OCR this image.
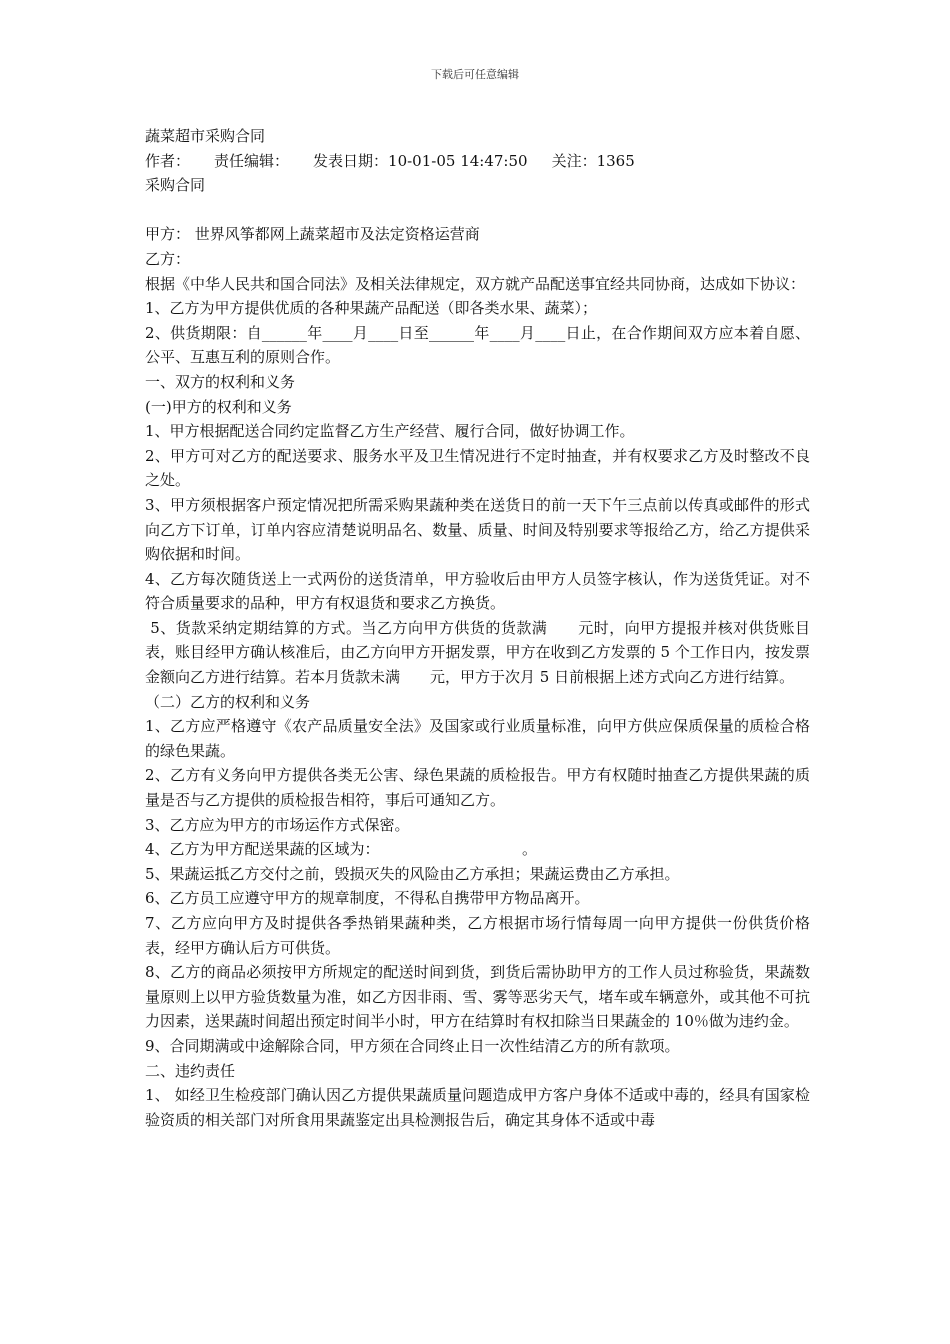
下载后可任意编辑

蔬菜超市采购合同

作者： 责任编辑： 发表日期：10-01-05 14:47:50 关注：1365

采购合同

甲方： 世界风筝都网上蔬菜超市及法定资格运营商

乙方：

根据《中华人民共和国合同法》及相关法律规定，双方就产品配送事宜经共同协商，达成如下协议：

1、乙方为甲方提供优质的各种果蔬产品配送（即各类水果、蔬菜）；

2、供货期限：自______年____月____日至______年____月____日止，在合作期间双方应本着自愿、公平、互惠互利的原则合作。

一、双方的权利和义务

(一)甲方的权利和义务

1、甲方根据配送合同约定监督乙方生产经营、履行合同，做好协调工作。

2、甲方可对乙方的配送要求、服务水平及卫生情况进行不定时抽查，并有权要求乙方及时整改不良之处。

3、甲方须根据客户预定情况把所需采购果蔬种类在送货日的前一天下午三点前以传真或邮件的形式向乙方下订单，订单内容应清楚说明品名、数量、质量、时间及特别要求等报给乙方，给乙方提供采购依据和时间。

4、乙方每次随货送上一式两份的送货清单，甲方验收后由甲方人员签字核认，作为送货凭证。对不符合质量要求的品种，甲方有权退货和要求乙方换货。

5、货款采纳定期结算的方式。当乙方向甲方供货的货款满　　元时，向甲方提报并核对供货账目表，账目经甲方确认核准后，由乙方向甲方开据发票，甲方在收到乙方发票的 5 个工作日内，按发票金额向乙方进行结算。若本月货款未满　　元，甲方于次月 5 日前根据上述方式向乙方进行结算。

（二）乙方的权利和义务

1、乙方应严格遵守《农产品质量安全法》及国家或行业质量标准，向甲方供应保质保量的质检合格的绿色果蔬。

2、乙方有义务向甲方提供各类无公害、绿色果蔬的质检报告。甲方有权随时抽查乙方提供果蔬的质量是否与乙方提供的质检报告相符，事后可通知乙方。

3、乙方应为甲方的市场运作方式保密。

4、乙方为甲方配送果蔬的区域为：　　　　　　　　　　。

5、果蔬运抵乙方交付之前，毁损灭失的风险由乙方承担；果蔬运费由乙方承担。

6、乙方员工应遵守甲方的规章制度，不得私自携带甲方物品离开。

7、乙方应向甲方及时提供各季热销果蔬种类，乙方根据市场行情每周一向甲方提供一份供货价格表，经甲方确认后方可供货。

8、乙方的商品必须按甲方所规定的配送时间到货，到货后需协助甲方的工作人员过称验货，果蔬数量原则上以甲方验货数量为准，如乙方因非雨、雪、雾等恶劣天气，堵车或车辆意外，或其他不可抗力因素，送果蔬时间超出预定时间半小时，甲方在结算时有权扣除当日果蔬金的 10％做为违约金。

9、合同期满或中途解除合同，甲方须在合同终止日一次性结清乙方的所有款项。

二、违约责任

1、 如经卫生检疫部门确认因乙方提供果蔬质量问题造成甲方客户身体不适或中毒的，经具有国家检验资质的相关部门对所食用果蔬鉴定出具检测报告后，确定其身体不适或中毒
